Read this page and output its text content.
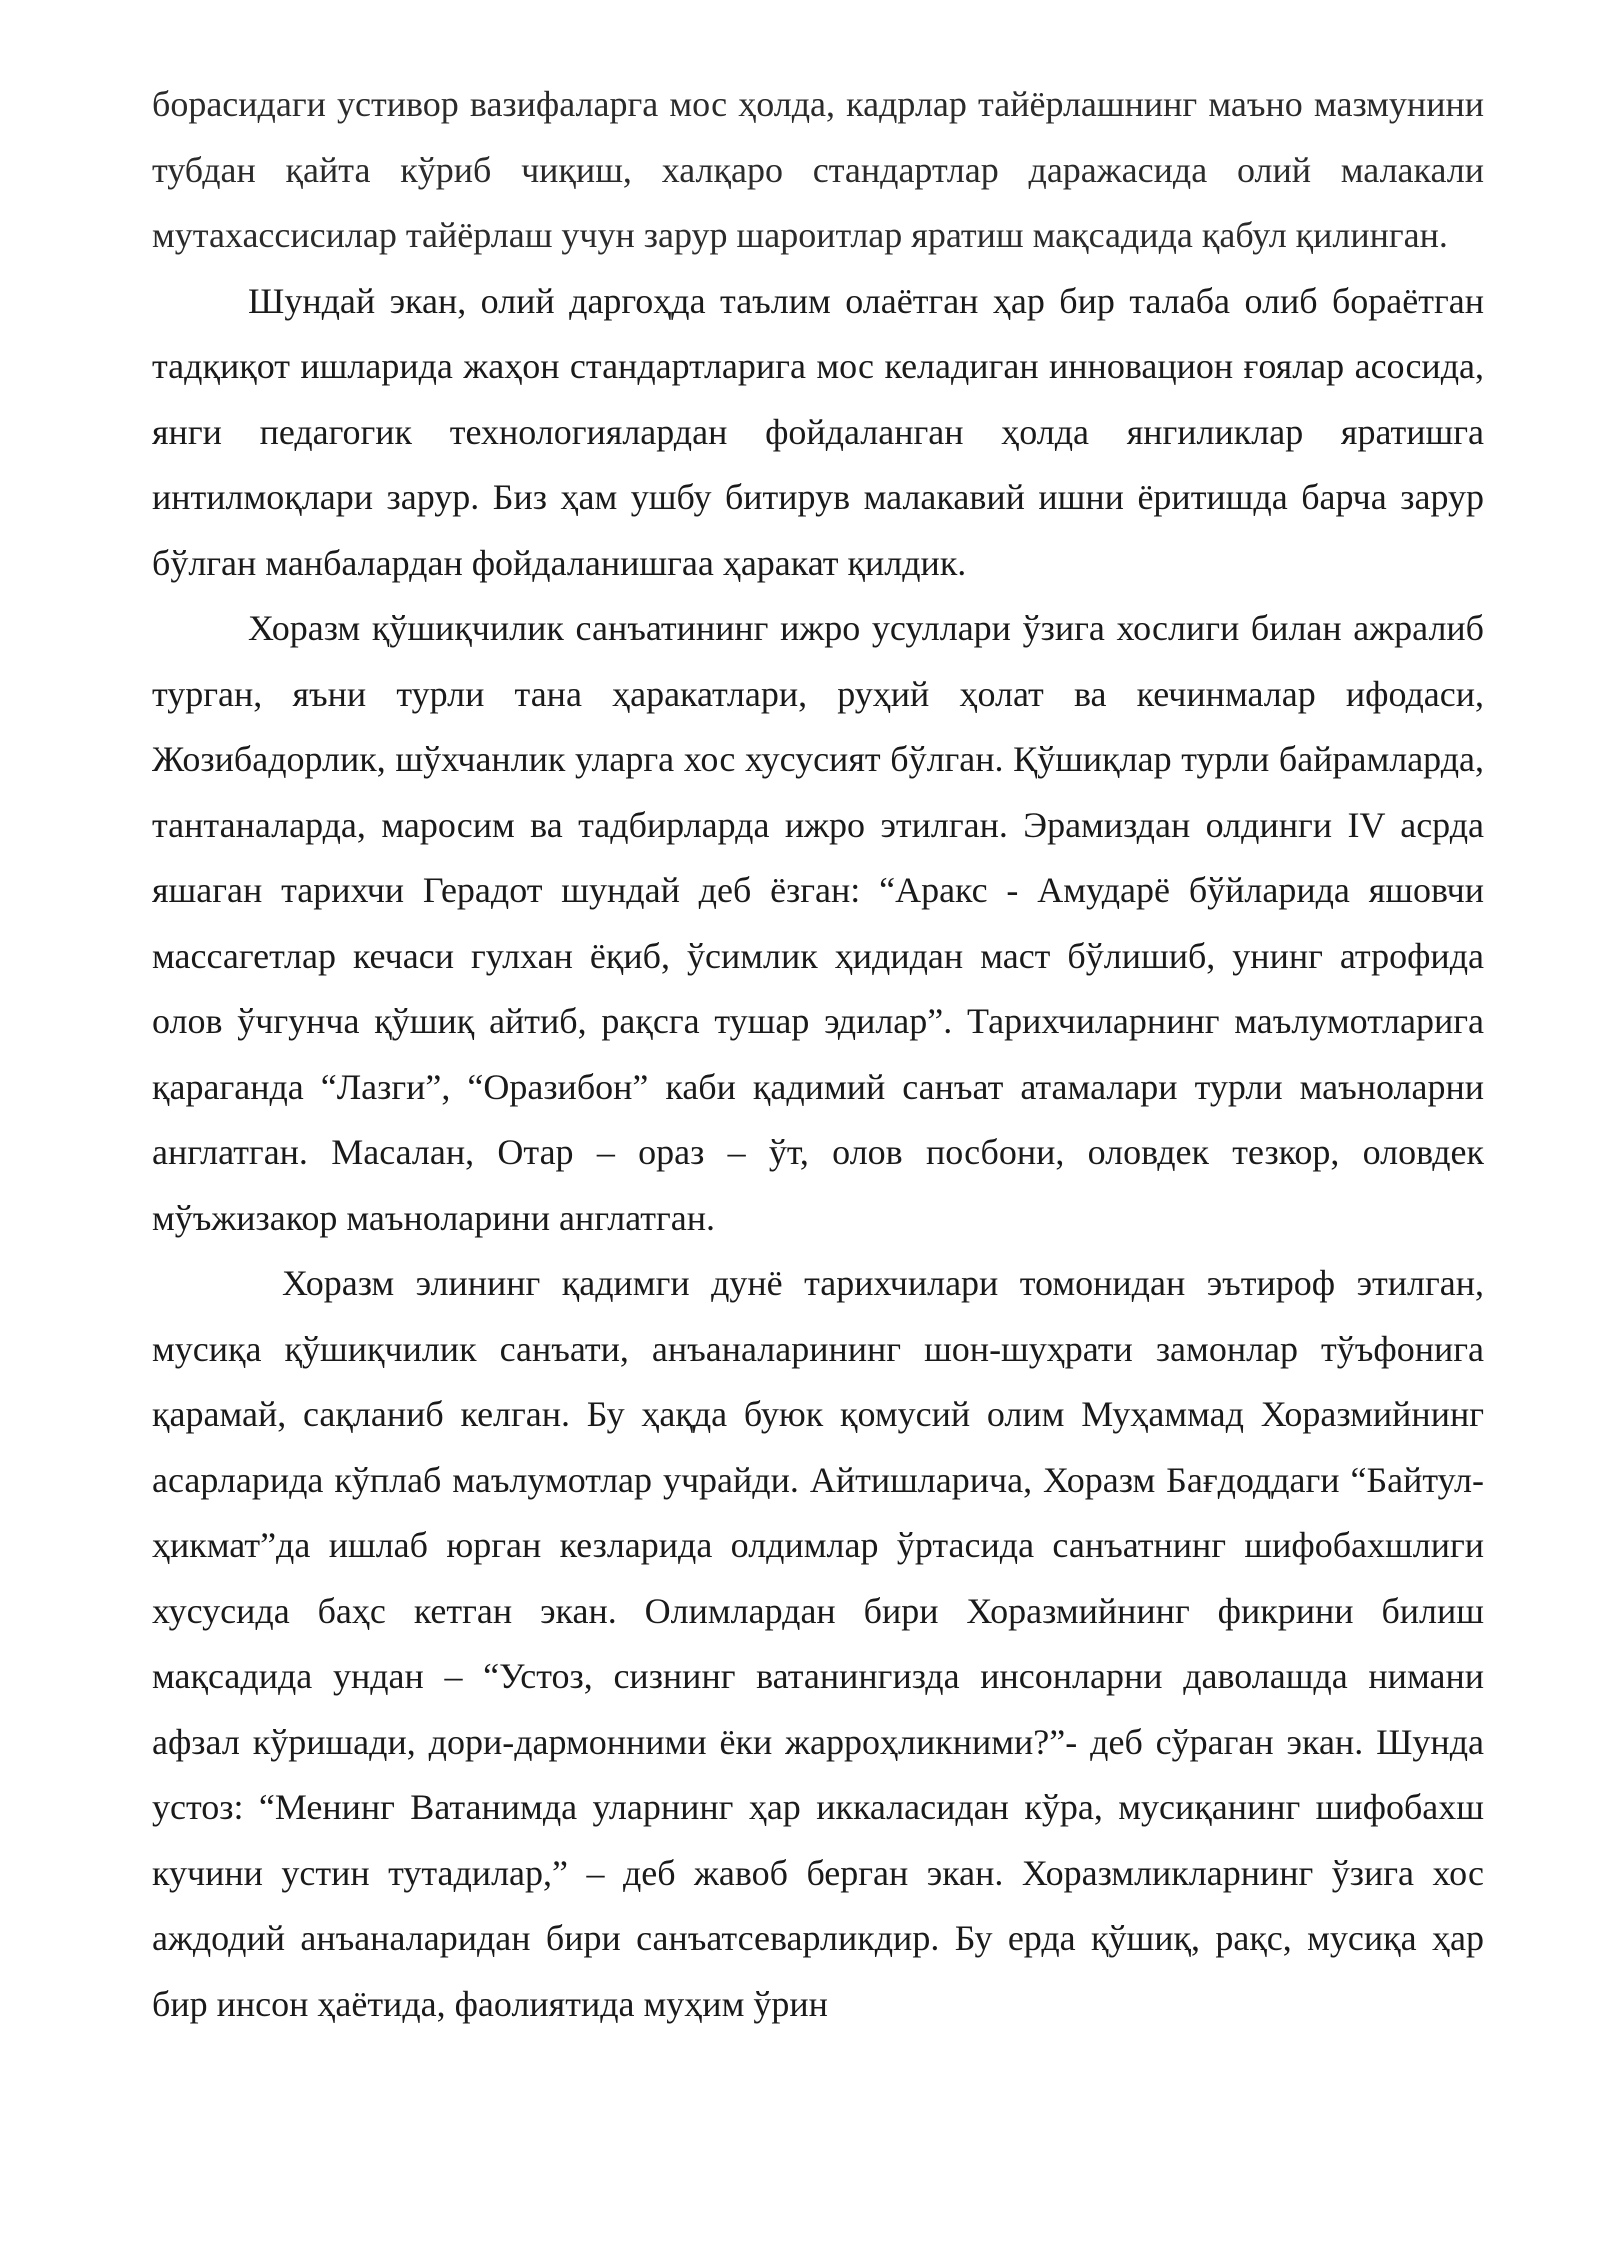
борасидаги устивор вазифаларга мос ҳолда, кадрлар тайёрлашнинг маъно мазмунини тубдан қайта кўриб чиқиш, халқаро стандартлар даражасида олий малакали мутахассисилар тайёрлаш учун зарур шароитлар яратиш мақсадида қабул қилинган.

Шундай экан, олий даргоҳда таълим олаётган ҳар бир талаба олиб бораётган тадқиқот ишларида жаҳон стандартларига мос келадиган инновацион ғоялар асосида, янги педагогик технологиялардан фойдаланган ҳолда янгиликлар яратишга интилмоқлари зарур. Биз ҳам ушбу битирув малакавий ишни ёритишда барча зарур бўлган манбалардан фойдаланишгаа ҳаракат қилдик.

Хоразм қўшиқчилик санъатининг ижро усуллари ўзига хослиги билан ажралиб турган, яъни турли тана ҳаракатлари, руҳий ҳолат ва кечинмалар ифодаси, Жозибадорлик, шўхчанлик уларга хос хусусият бўлган. Қўшиқлар турли байрамларда, тантаналарда, маросим ва тадбирларда ижро этилган. Эрамиздан олдинги IV асрда яшаган тарихчи Герадот шундай деб ёзган: “Аракс - Амударё бўйларида яшовчи массагетлар кечаси гулхан ёқиб, ўсимлик ҳидидан маст бўлишиб, унинг атрофида олов ўчгунча қўшиқ айтиб, рақсга тушар эдилар”. Тарихчиларнинг маълумотларига қараганда “Лазги”, “Оразибон” каби қадимий санъат атамалари турли маъноларни англатган. Масалан, Отар – ораз – ўт, олов посбони, оловдек тезкор, оловдек мўъжизакор маъноларини англатган.

Хоразм элининг қадимги дунё тарихчилари томонидан эътироф этилган, мусиқа қўшиқчилик санъати, анъаналарининг шон-шуҳрати замонлар тўъфонига қарамай, сақланиб келган. Бу ҳақда буюк қомусий олим Муҳаммад Хоразмийнинг асарларида кўплаб маълумотлар учрайди. Айтишларича, Хоразм Бағдоддаги “Байтул-ҳикмат”да ишлаб юрган кезларида олдимлар ўртасида санъатнинг шифобахшлиги хусусида баҳс кетган экан. Олимлардан бири Хоразмийнинг фикрини билиш мақсадида ундан – “Устоз, сизнинг ватанингизда инсонларни даволашда нимани афзал кўришади, дори-дармонними ёки жарроҳликними?”- деб сўраган экан. Шунда устоз: “Менинг Ватанимда уларнинг ҳар иккаласидан кўра, мусиқанинг шифобахш кучини устин тутадилар,” – деб жавоб берган экан. Хоразмликларнинг ўзига хос аждодий анъаналаридан бири санъатсеварликдир. Бу ерда қўшиқ, рақс, мусиқа ҳар бир инсон ҳаётида, фаолиятида муҳим ўрин
